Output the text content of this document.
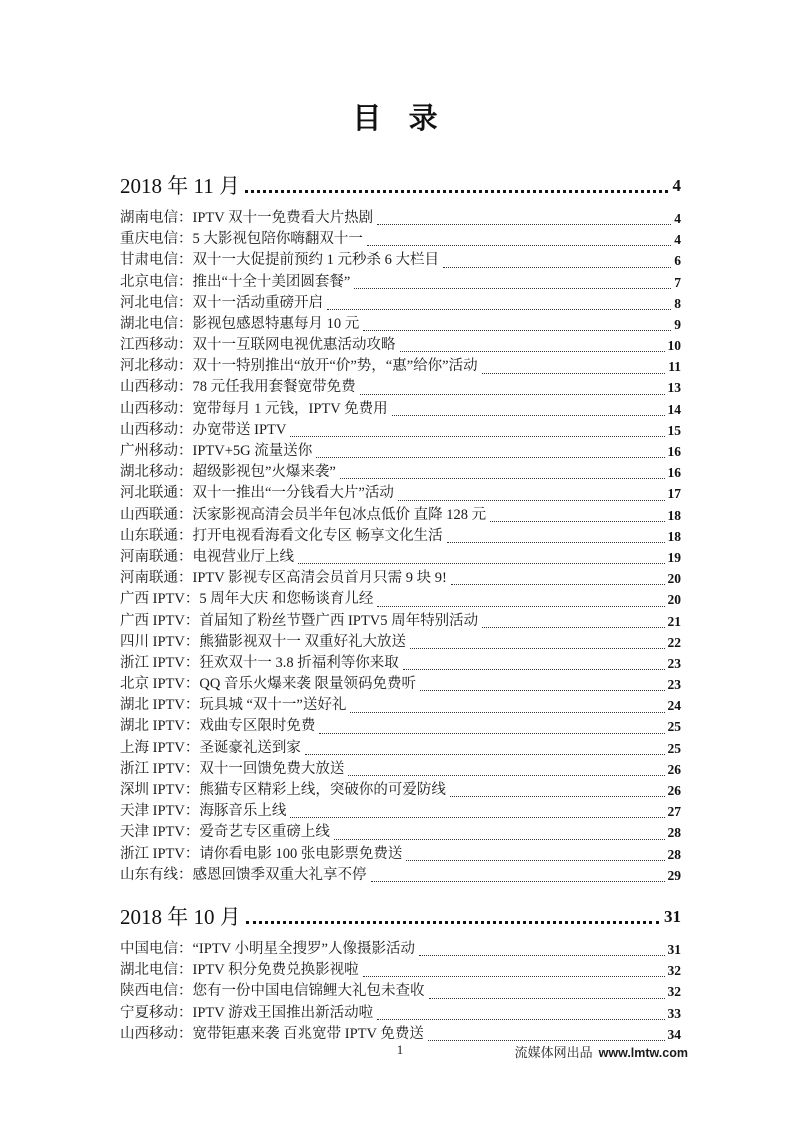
目 录
2018 年 11 月	4
湖南电信：IPTV 双十一免费看大片热剧	4
重庆电信：5 大影视包陪你嗨翻双十一	4
甘肃电信：双十一大促提前预约 1 元秒杀 6 大栏目	6
北京电信：推出“十全十美团圆套餐”	7
河北电信：双十一活动重磅开启	8
湖北电信：影视包感恩特惠每月 10 元	9
江西移动：双十一互联网电视优惠活动攻略	10
河北移动：双十一特别推出“放开“价”势，“惠”给你”活动	11
山西移动：78 元任我用套餐宽带免费	13
山西移动：宽带每月 1 元钱，IPTV 免费用	14
山西移动：办宽带送 IPTV	15
广州移动：IPTV+5G 流量送你	16
湖北移动：超级影视包”火爆来袭”	16
河北联通：双十一推出“一分钱看大片”活动	17
山西联通：沃家影视高清会员半年包冰点低价 直降 128 元	18
山东联通：打开电视看海看文化专区 畅享文化生活	18
河南联通：电视营业厅上线	19
河南联通：IPTV 影视专区高清会员首月只需 9 块 9!	20
广西 IPTV：5 周年大庆 和您畅谈育儿经	20
广西 IPTV：首届知了粉丝节暨广西 IPTV5 周年特别活动	21
四川 IPTV：熊猫影视双十一 双重好礼大放送	22
浙江 IPTV：狂欢双十一 3.8 折福利等你来取	23
北京 IPTV：QQ 音乐火爆来袭 限量领码免费听	23
湖北 IPTV：玩具城 “双十一”送好礼	24
湖北 IPTV：戏曲专区限时免费	25
上海 IPTV：圣诞豪礼送到家	25
浙江 IPTV：双十一回馈免费大放送	26
深圳 IPTV：熊猫专区精彩上线，突破你的可爱防线	26
天津 IPTV：海豚音乐上线	27
天津 IPTV：爱奇艺专区重磅上线	28
浙江 IPTV：请你看电影 100 张电影票免费送	28
山东有线：感恩回馈季双重大礼享不停	29
2018 年 10 月	31
中国电信：“IPTV 小明星全搜罗”人像摄影活动	31
湖北电信：IPTV 积分免费兑换影视啦	32
陕西电信：您有一份中国电信锦鲤大礼包未查收	32
宁夏移动：IPTV 游戏王国推出新活动啦	33
山西移动：宽带钜惠来袭 百兆宽带 IPTV 免费送	34
1	流媒体网出品 www.lmtw.com
